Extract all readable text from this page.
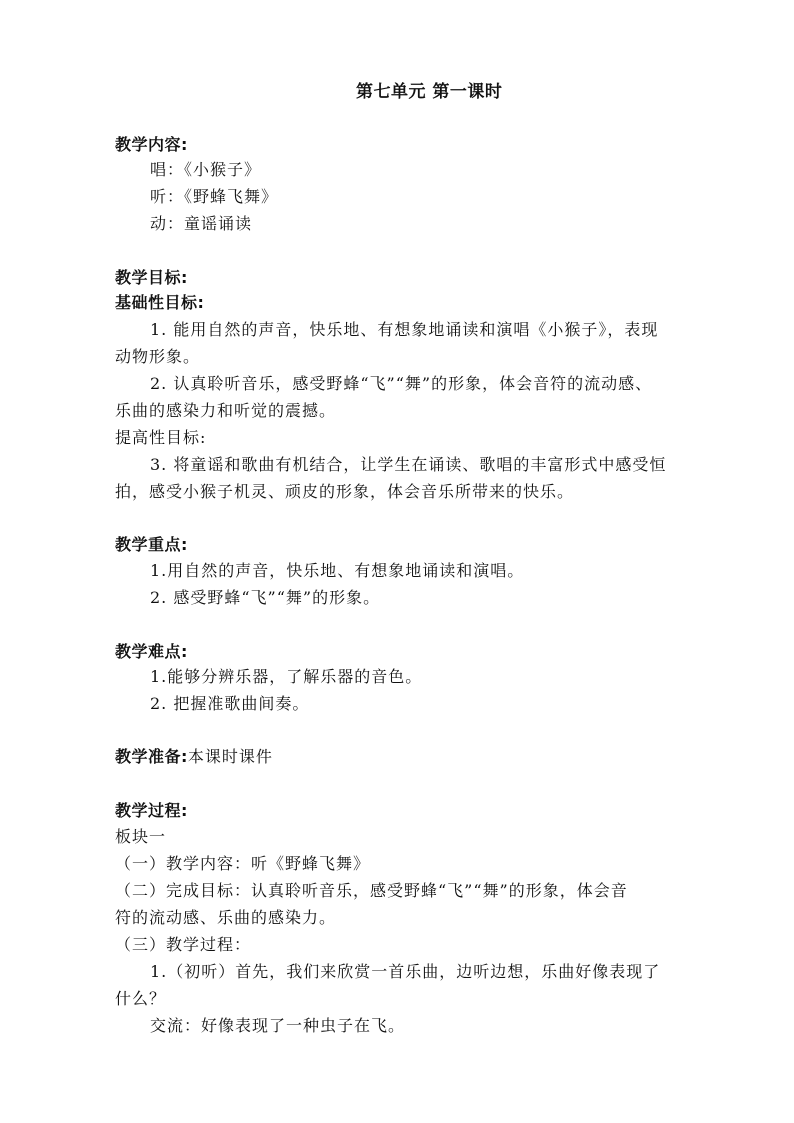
第七单元 第一课时
教学内容:
唱：《小猴子》
听：《野蜂飞舞》
动：童谣诵读
教学目标:
基础性目标:
1. 能用自然的声音，快乐地、有想象地诵读和演唱《小猴子》，表现
动物形象。
2. 认真聆听音乐，感受野蜂“飞”“舞”的形象，体会音符的流动感、
乐曲的感染力和听觉的震撼。
提高性目标:
3. 将童谣和歌曲有机结合，让学生在诵读、歌唱的丰富形式中感受恒
拍，感受小猴子机灵、顽皮的形象，体会音乐所带来的快乐。
教学重点:
1.用自然的声音，快乐地、有想象地诵读和演唱。
2. 感受野蜂“飞”“舞”的形象。
教学难点:
1.能够分辨乐器，了解乐器的音色。
2. 把握准歌曲间奏。
教学准备:本课时课件
教学过程:
板块一
（一）教学内容：听《野蜂飞舞》
（二）完成目标：认真聆听音乐，感受野蜂“飞”“舞”的形象，体会音
符的流动感、乐曲的感染力。
（三）教学过程：
1.（初听）首先，我们来欣赏一首乐曲，边听边想，乐曲好像表现了
什么？
交流：好像表现了一种虫子在飞。
